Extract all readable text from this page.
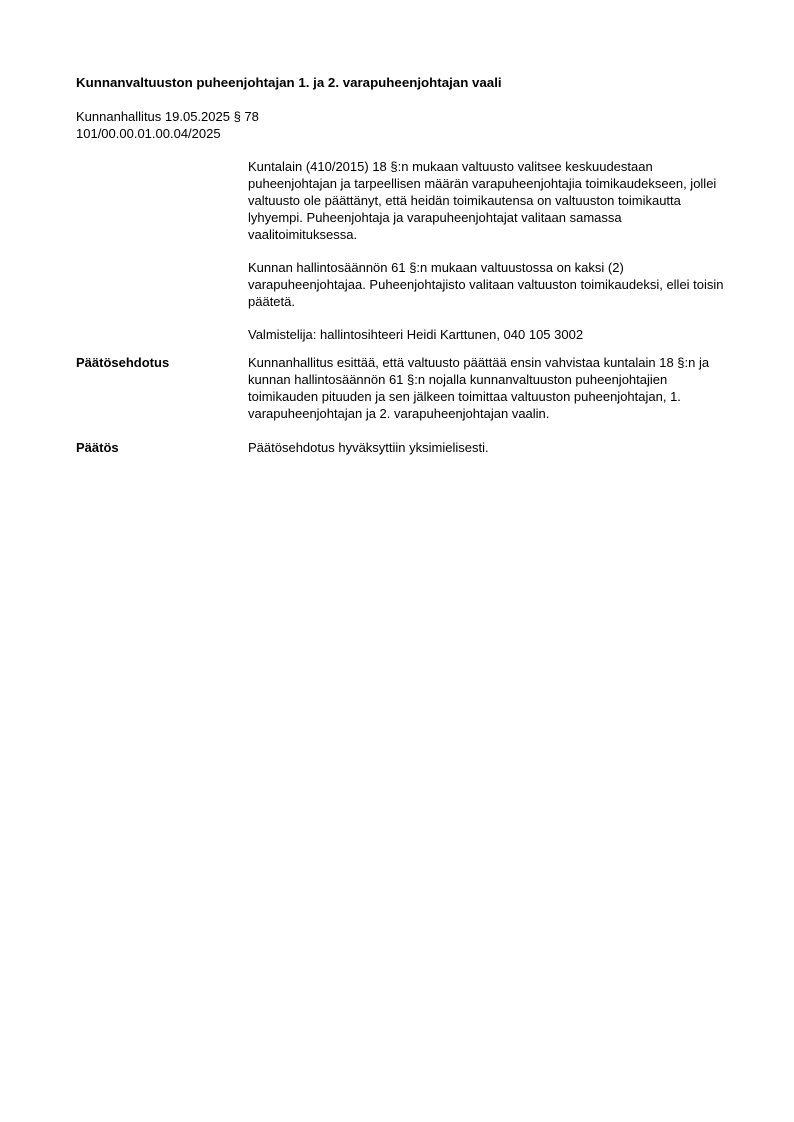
Kunnanvaltuuston puheenjohtajan 1. ja 2. varapuheenjohtajan vaali

Kunnanhallitus 19.05.2025 § 78
101/00.00.01.00.04/2025

Kuntalain (410/2015) 18 §:n mukaan valtuusto valitsee keskuudestaan puheenjohtajan ja tarpeellisen määrän varapuheenjohtajia toimikaudekseen, jollei valtuusto ole päättänyt, että heidän toimikautensa on valtuuston toimikautta lyhyempi. Puheenjohtaja ja varapuheenjohtajat valitaan samassa vaalitoimituksessa.

Kunnan hallintosäännön 61 §:n mukaan valtuustossa on kaksi (2) varapuheenjohtajaa. Puheenjohtajisto valitaan valtuuston toimikaudeksi, ellei toisin päätetä.

Valmistelija: hallintosihteeri Heidi Karttunen, 040 105 3002

Päätösehdotus	Kunnanhallitus esittää, että valtuusto päättää ensin vahvistaa kuntalain 18 §:n ja kunnan hallintosäännön 61 §:n nojalla kunnanvaltuuston puheenjohtajien toimikauden pituuden ja sen jälkeen toimittaa valtuuston puheenjohtajan, 1. varapuheenjohtajan ja 2. varapuheenjohtajan vaalin.
Päätös	Päätösehdotus hyväksyttiin yksimielisesti.
